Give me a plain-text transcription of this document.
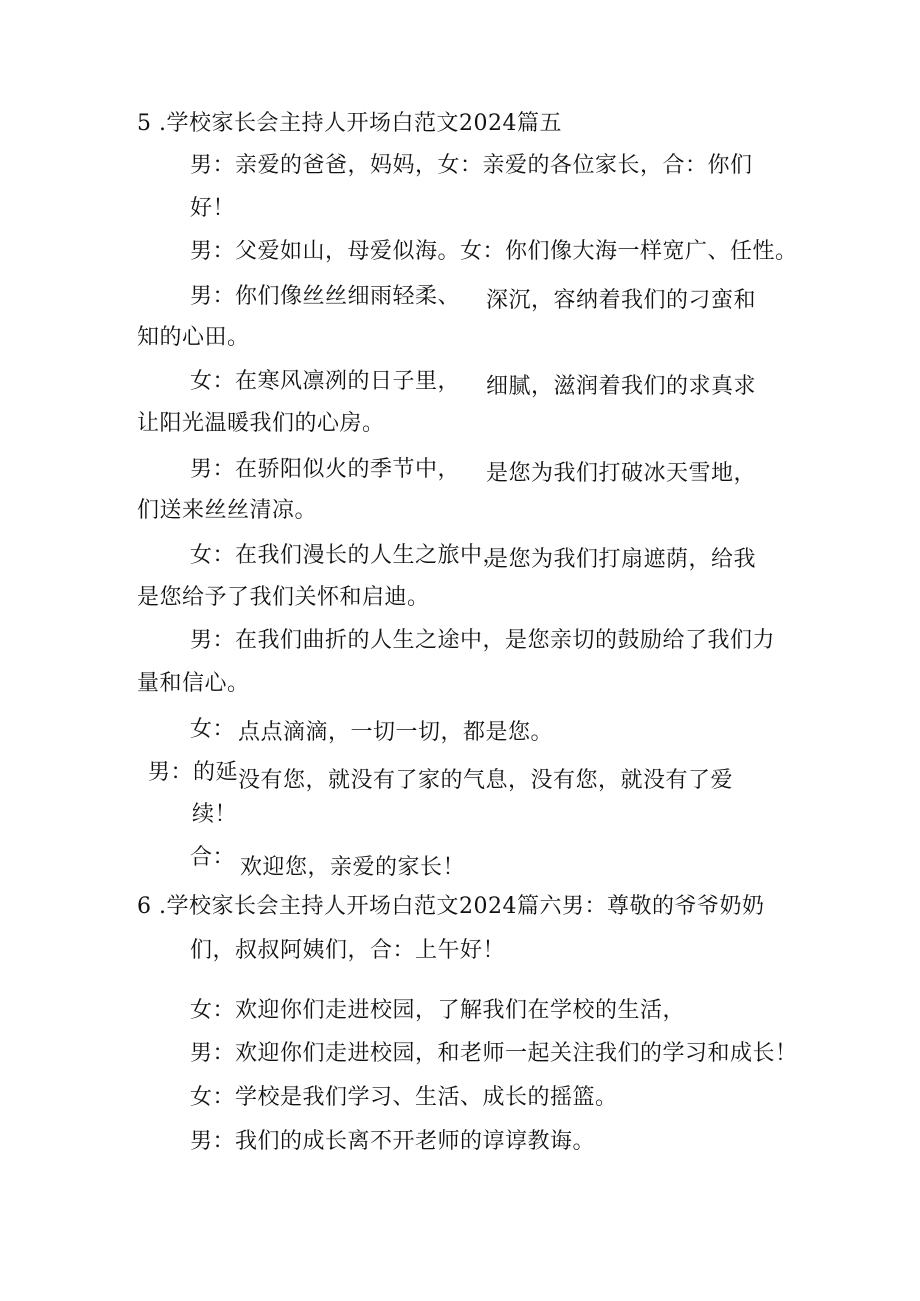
5 .学校家长会主持人开场白范文2024篇五
男：亲爱的爸爸，妈妈，女：亲爱的各位家长，合：你们
好！
男：父爱如山，母爱似海。女：你们像大海一样宽广、任性。
男：你们像丝丝细雨轻柔、 深沉，容纳着我们的刁蛮和
知的心田。
女：在寒风凛冽的日子里， 细腻，滋润着我们的求真求
让阳光温暖我们的心房。
男：在骄阳似火的季节中， 是您为我们打破冰天雪地，
们送来丝丝清凉。
女：在我们漫长的人生之旅中，
是您为我们打扇遮荫，给我
是您给予了我们关怀和启迪。
男：在我们曲折的人生之途中，是您亲切的鼓励给了我们力
量和信心。
女： 点点滴滴，一切一切，都是您。
男：的延 没有您，就没有了家的气息，没有您，就没有了爱
续！
合： 欢迎您，亲爱的家长！
6 .学校家长会主持人开场白范文2024篇六男：尊敬的爷爷奶奶
们，叔叔阿姨们，合：上午好！
女：欢迎你们走进校园，了解我们在学校的生活，
男：欢迎你们走进校园，和老师一起关注我们的学习和成长！
女：学校是我们学习、生活、成长的摇篮。
男：我们的成长离不开老师的谆谆教诲。
